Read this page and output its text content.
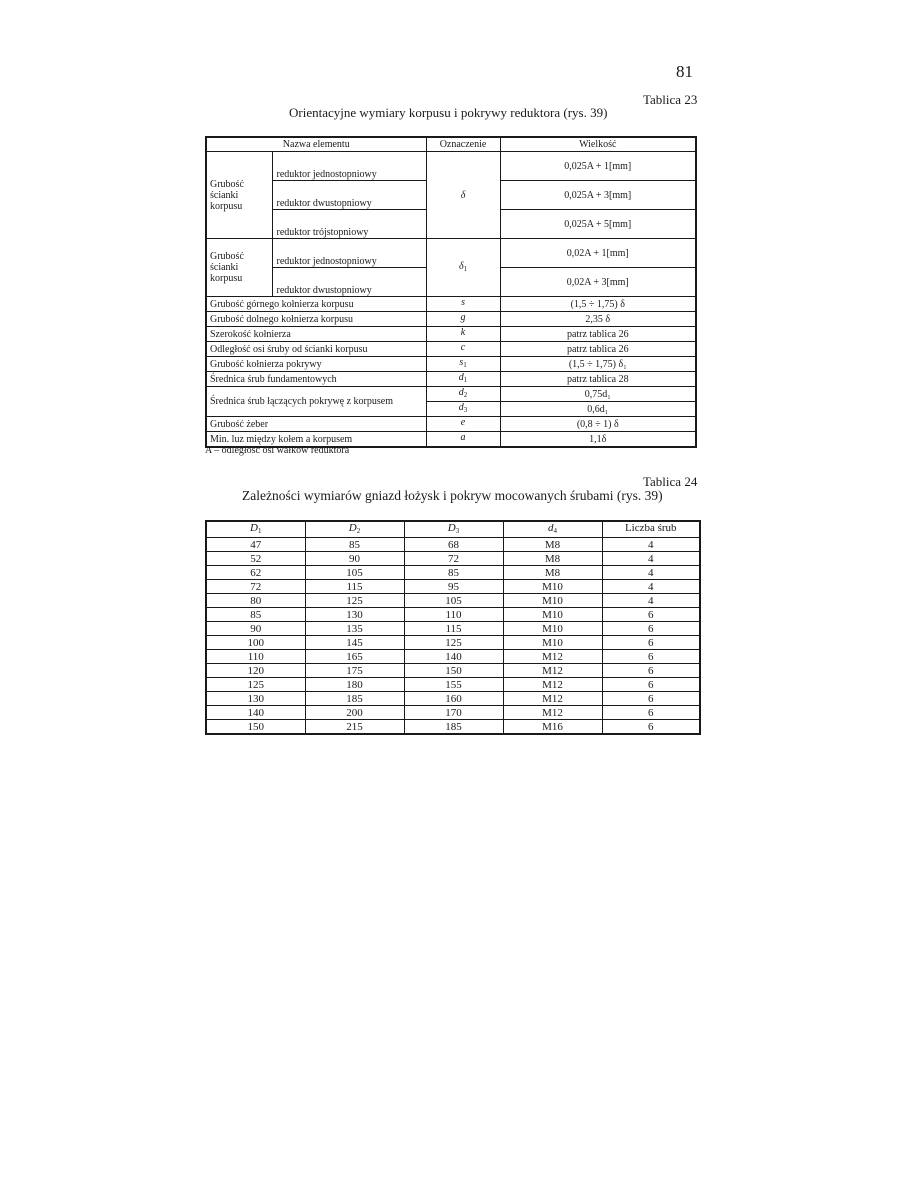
81
Tablica 23
Orientacyjne wymiary korpusu i pokrywy reduktora (rys. 39)
Nazwa elementu		Oznaczenie	Wielkość
Grubość ścianki korpusu	reduktor jednostopniowy	δ	0,025A + 1[mm]
	reduktor dwustopniowy		0,025A + 3[mm]
	reduktor trójstopniowy		0,025A + 5[mm]
Grubość ścianki korpusu	reduktor jednostopniowy	$\delta_1$	0,02A + 1[mm]
	reduktor dwustopniowy		0,02A + 3[mm]
Grubość górnego kołnierza korpusu		s	(1,5 ÷ 1,75) δ
Grubość dolnego kołnierza korpusu		g	2,35 δ
Szerokość kołnierza		k	patrz tablica 26
Odległość osi śruby od ścianki korpusu		c	patrz tablica 26
Grubość kołnierza pokrywy		$s_1$	(1,5 ÷ 1,75) δ₁
Średnica śrub fundamentowych		$d_1$	patrz tablica 28
Średnica śrub łączących pokrywę z korpusem		$d_2$	0,75d₁
		$d_3$	0,6d₁
Grubość żeber		e	(0,8 ÷ 1) δ
Min. luz między kołem a korpusem		a	1,1δ
A – odległość osi wałków reduktora
Tablica 24
Zależności wymiarów gniazd łożysk i pokryw mocowanych śrubami (rys. 39)
$D_1$	$D_2$	$D_3$	$d_4$	Liczba śrub
47	85	68	M8	4
52	90	72	M8	4
62	105	85	M8	4
72	115	95	M10	4
80	125	105	M10	4
85	130	110	M10	6
90	135	115	M10	6
100	145	125	M10	6
110	165	140	M12	6
120	175	150	M12	6
125	180	155	M12	6
130	185	160	M12	6
140	200	170	M12	6
150	215	185	M16	6
